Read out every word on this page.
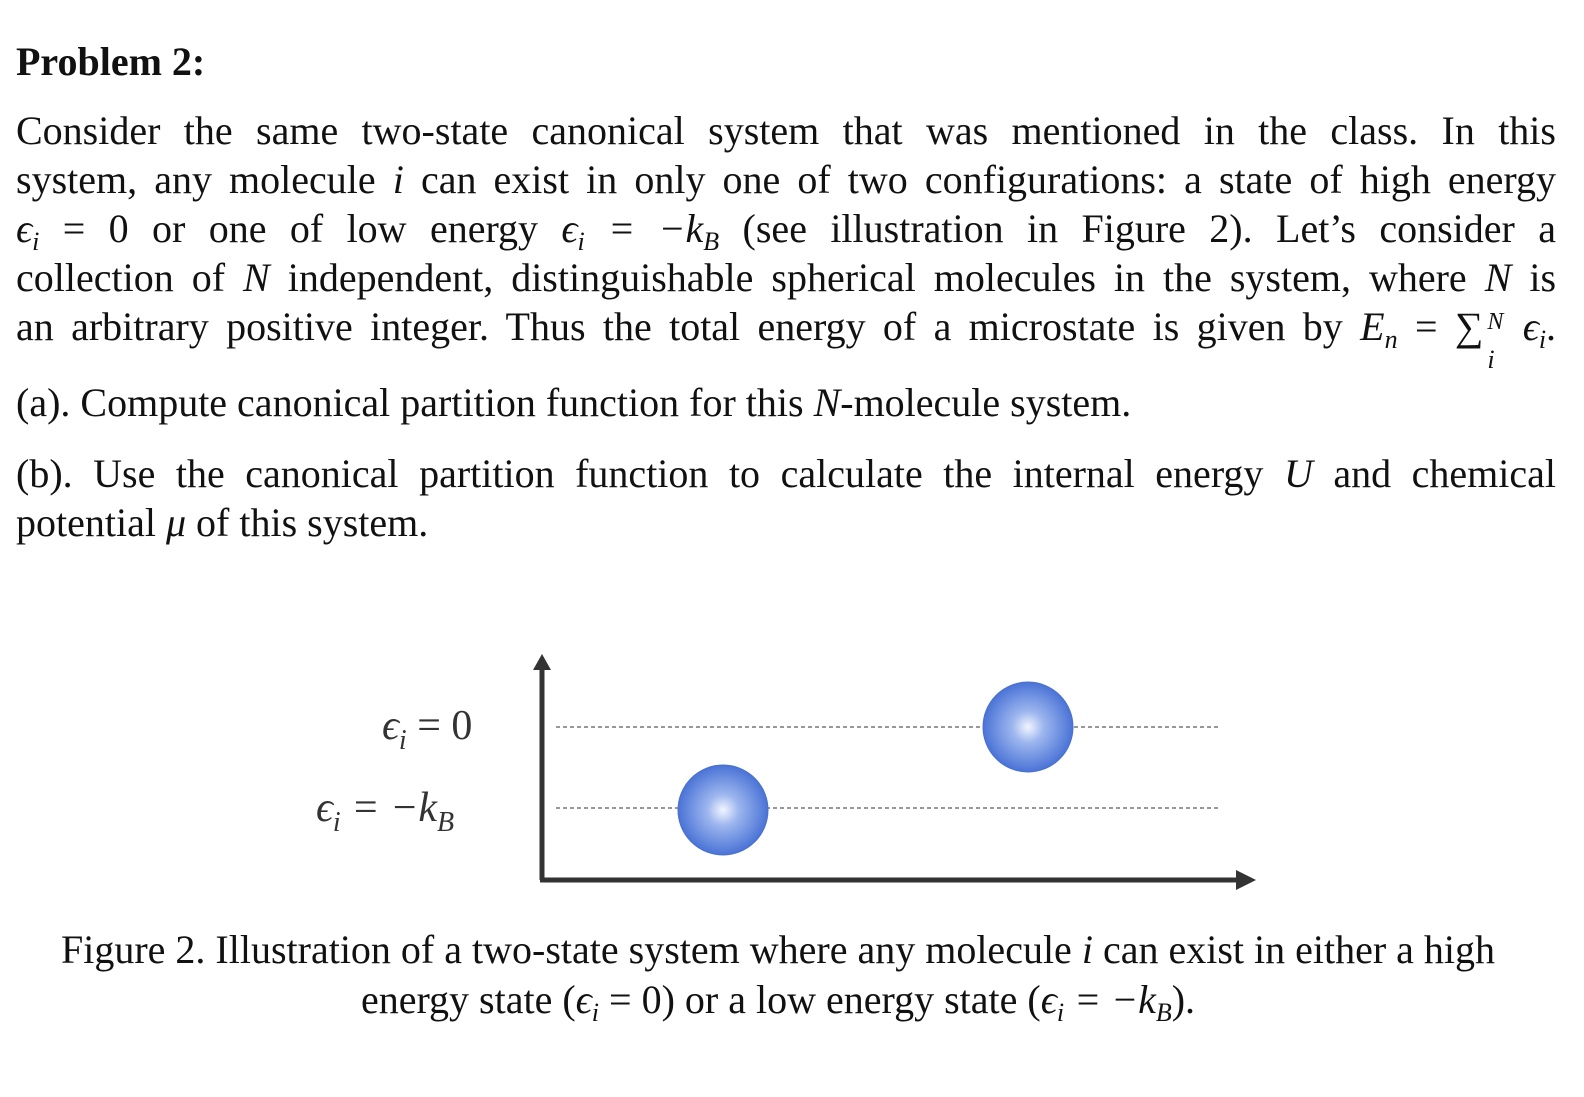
Problem 2:
Consider the same two-state canonical system that was mentioned in the class. In this
system, any molecule i can exist in only one of two configurations: a state of high energy
$\epsilon_i = 0$ or one of low energy $\epsilon_i = -k_B$ (see illustration in Figure 2). Let’s consider a
collection of N independent, distinguishable spherical molecules in the system, where N is
an arbitrary positive integer. Thus the total energy of a microstate is given by $E_n$ = ∑ N
i
$\epsilon_i$.
(a). Compute canonical partition function for this N-molecule system.
(b). Use the canonical partition function to calculate the internal energy U and chemical
potential μ of this system.
$\epsilon_i = 0$
$\epsilon_i = -k_B$
Figure 2. Illustration of a two-state system where any molecule i can exist in either a high
energy state $(\epsilon_i = 0)$ or a low energy state $(\epsilon_i = -k_B)$.
